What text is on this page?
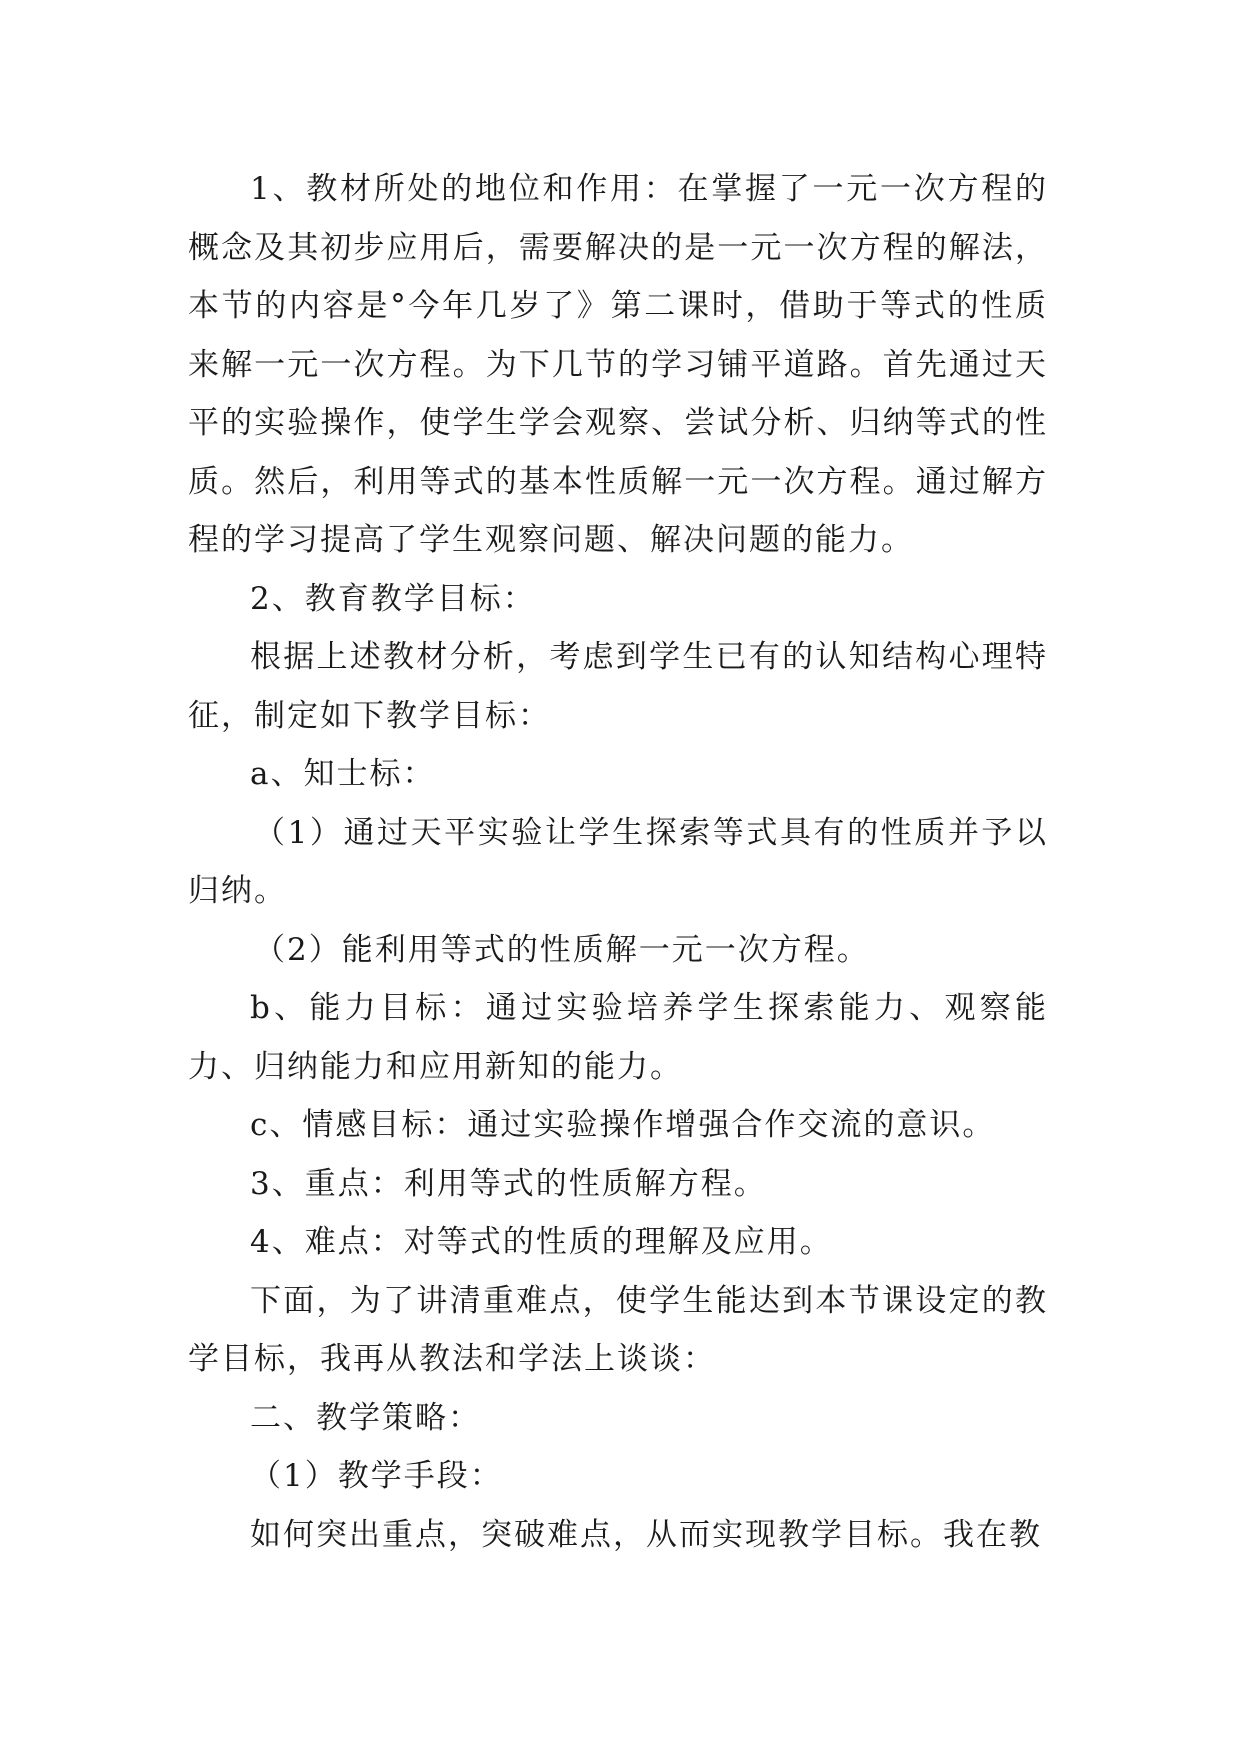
1、教材所处的地位和作用：在掌握了一元一次方程的概念及其初步应用后，需要解决的是一元一次方程的解法，本节的内容是°今年几岁了》第二课时，借助于等式的性质来解一元一次方程。为下几节的学习铺平道路。首先通过天平的实验操作，使学生学会观察、尝试分析、归纳等式的性质。然后，利用等式的基本性质解一元一次方程。通过解方程的学习提高了学生观察问题、解决问题的能力。

2、教育教学目标：

根据上述教材分析，考虑到学生已有的认知结构心理特征，制定如下教学目标：

a、知士标：

（1）通过天平实验让学生探索等式具有的性质并予以归纳。

（2）能利用等式的性质解一元一次方程。

b、能力目标：通过实验培养学生探索能力、观察能力、归纳能力和应用新知的能力。

c、情感目标：通过实验操作增强合作交流的意识。

3、重点：利用等式的性质解方程。

4、难点：对等式的性质的理解及应用。

下面，为了讲清重难点，使学生能达到本节课设定的教学目标，我再从教法和学法上谈谈：

二、教学策略：

（1）教学手段：

如何突出重点，突破难点，从而实现教学目标。我在教
